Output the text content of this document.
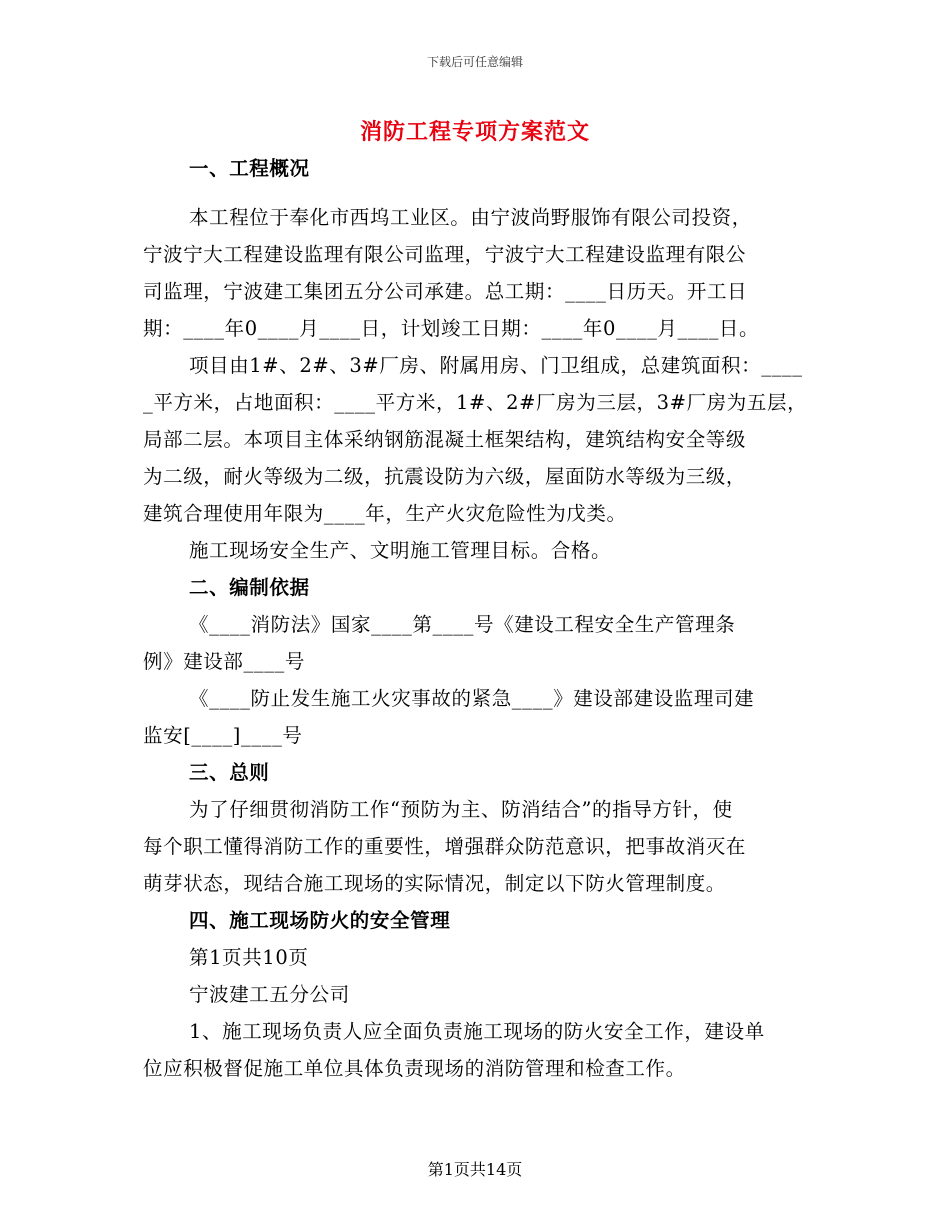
下载后可任意编辑
消防工程专项方案范文
一、工程概况
本工程位于奉化市西坞工业区。由宁波尚野服饰有限公司投资，
宁波宁大工程建设监理有限公司监理，宁波宁大工程建设监理有限公
司监理，宁波建工集团五分公司承建。总工期：____日历天。开工日
期：____年0____月____日，计划竣工日期：____年0____月____日。
项目由1#、2#、3#厂房、附属用房、门卫组成，总建筑面积：____
_平方米，占地面积：____平方米，1#、2#厂房为三层，3#厂房为五层，
局部二层。本项目主体采纳钢筋混凝土框架结构，建筑结构安全等级
为二级，耐火等级为二级，抗震设防为六级，屋面防水等级为三级，
建筑合理使用年限为____年，生产火灾危险性为戊类。
施工现场安全生产、文明施工管理目标。合格。
二、编制依据
《____消防法》国家____第____号《建设工程安全生产管理条
例》建设部____号
《____防止发生施工火灾事故的紧急____》建设部建设监理司建
监安[____]____号
三、总则
为了仔细贯彻消防工作“预防为主、防消结合”的指导方针，使
每个职工懂得消防工作的重要性，增强群众防范意识，把事故消灭在
萌芽状态，现结合施工现场的实际情况，制定以下防火管理制度。
四、施工现场防火的安全管理
第1页共10页
宁波建工五分公司
1、施工现场负责人应全面负责施工现场的防火安全工作，建设单
位应积极督促施工单位具体负责现场的消防管理和检查工作。
第1页共14页
